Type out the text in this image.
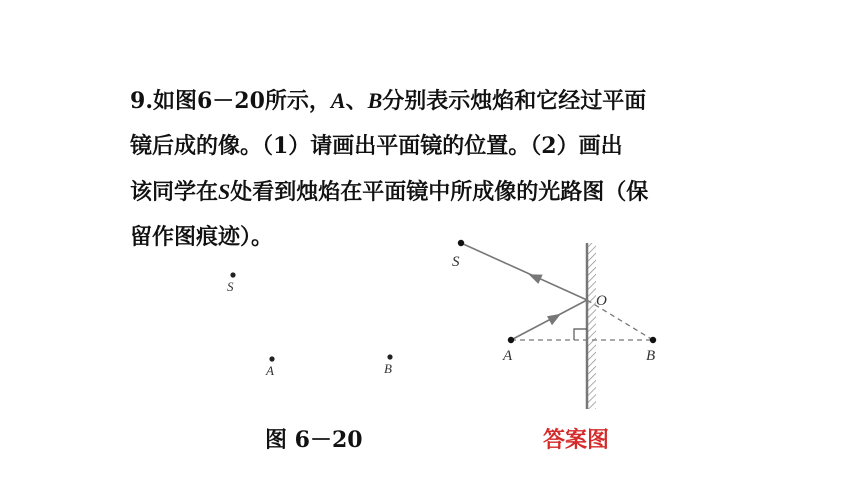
9.如图6－20所示，A、B分别表示烛焰和它经过平面
镜后成的像。（1）请画出平面镜的位置。（2）画出
该同学在S处看到烛焰在平面镜中所成像的光路图（保
留作图痕迹）。

S
A	B
S
O
A	B
图 6－20	答案图
